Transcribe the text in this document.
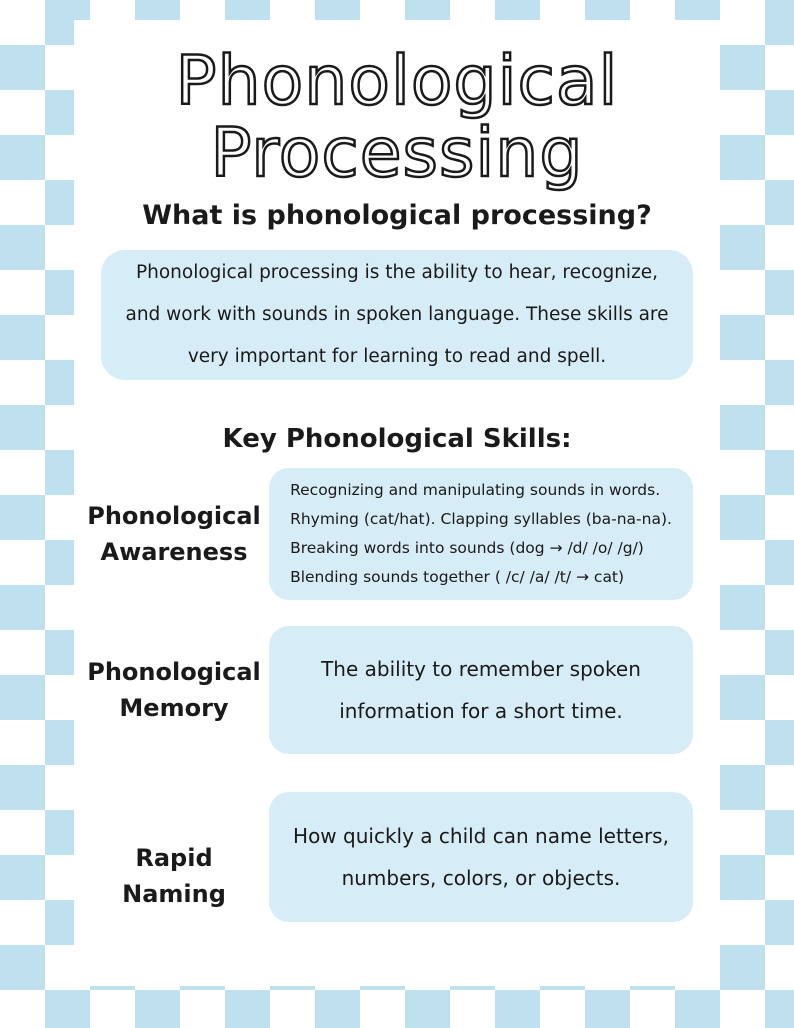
Phonological
Processing
What is phonological processing?

Phonological processing is the ability to hear, recognize,
and work with sounds in spoken language. These skills are
very important for learning to read and spell.

Key Phonological Skills:

Phonological
Awareness

Recognizing and manipulating sounds in words.
Rhyming (cat/hat). Clapping syllables (ba-na-na).
Breaking words into sounds (dog → /d/ /o/ /g/)
Blending sounds together ( /c/ /a/ /t/ → cat)

Phonological
Memory

The ability to remember spoken
information for a short time.

Rapid Naming

How quickly a child can name letters,
numbers, colors, or objects.
